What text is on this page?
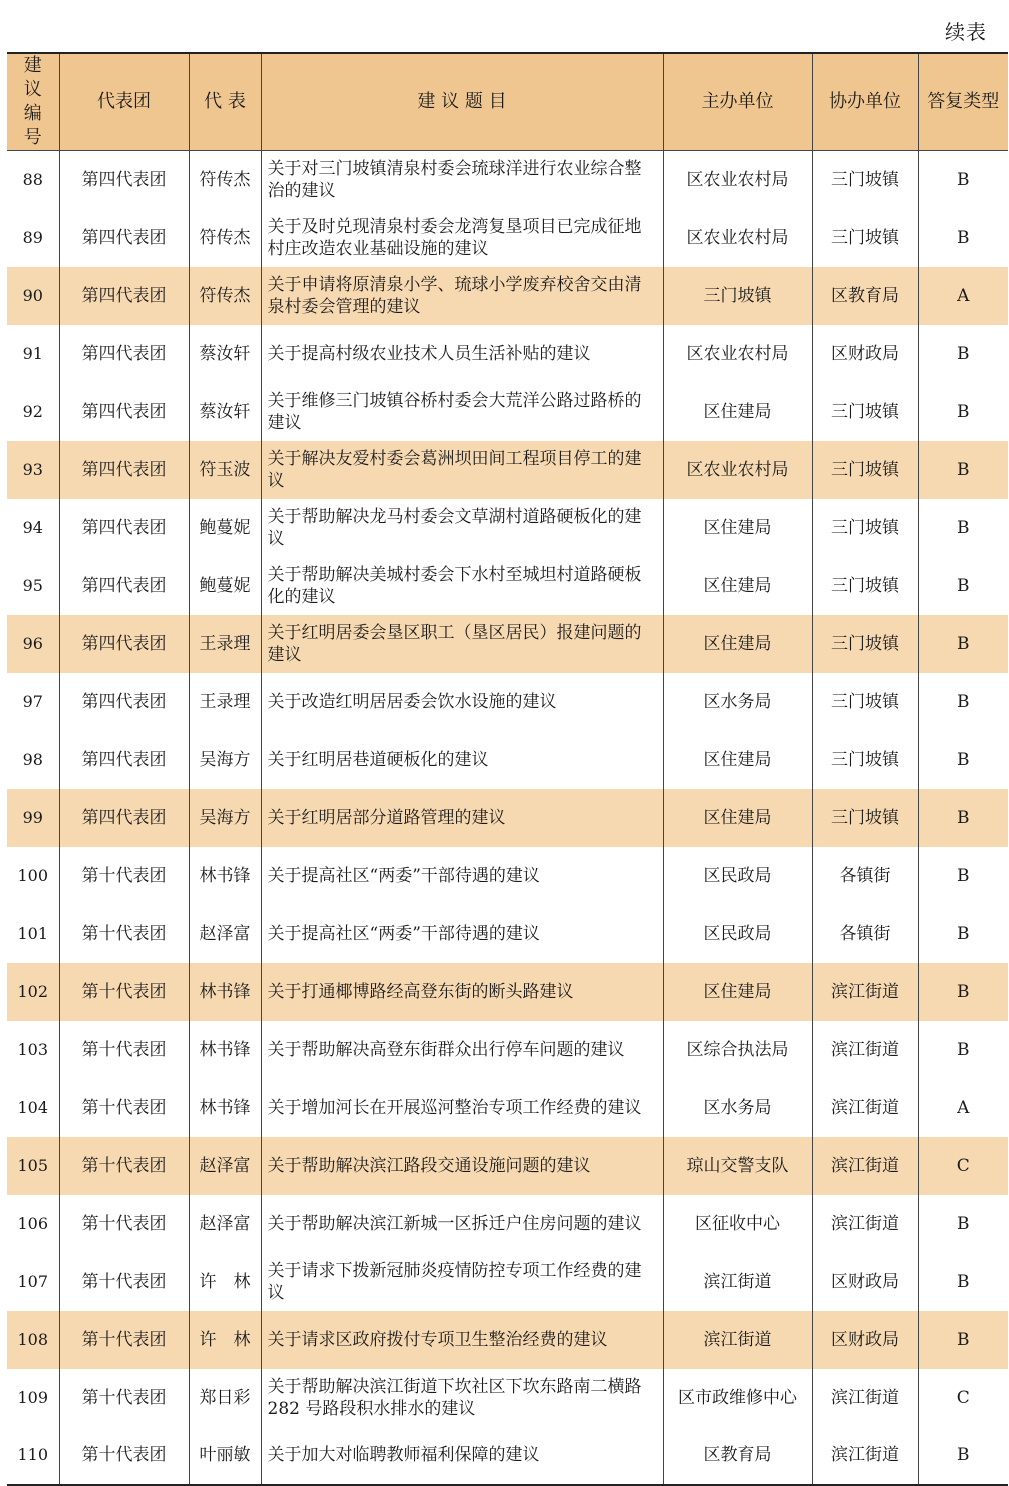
续表
建议编号	代表团	代 表	建 议 题 目	主办单位	协办单位	答复类型
88	第四代表团	符传杰	关于对三门坡镇清泉村委会琉球洋进行农业综合整治的建议	区农业农村局	三门坡镇	B
89	第四代表团	符传杰	关于及时兑现清泉村委会龙湾复垦项目已完成征地村庄改造农业基础设施的建议	区农业农村局	三门坡镇	B
90	第四代表团	符传杰	关于申请将原清泉小学、琉球小学废弃校舍交由清泉村委会管理的建议	三门坡镇	区教育局	A
91	第四代表团	蔡汝轩	关于提高村级农业技术人员生活补贴的建议	区农业农村局	区财政局	B
92	第四代表团	蔡汝轩	关于维修三门坡镇谷桥村委会大荒洋公路过路桥的建议	区住建局	三门坡镇	B
93	第四代表团	符玉波	关于解决友爱村委会葛洲坝田间工程项目停工的建议	区农业农村局	三门坡镇	B
94	第四代表团	鲍蔓妮	关于帮助解决龙马村委会文草湖村道路硬板化的建议	区住建局	三门坡镇	B
95	第四代表团	鲍蔓妮	关于帮助解决美城村委会下水村至城坦村道路硬板化的建议	区住建局	三门坡镇	B
96	第四代表团	王录理	关于红明居委会垦区职工（垦区居民）报建问题的建议	区住建局	三门坡镇	B
97	第四代表团	王录理	关于改造红明居居委会饮水设施的建议	区水务局	三门坡镇	B
98	第四代表团	吴海方	关于红明居巷道硬板化的建议	区住建局	三门坡镇	B
99	第四代表团	吴海方	关于红明居部分道路管理的建议	区住建局	三门坡镇	B
100	第十代表团	林书锋	关于提高社区“两委”干部待遇的建议	区民政局	各镇街	B
101	第十代表团	赵泽富	关于提高社区“两委”干部待遇的建议	区民政局	各镇街	B
102	第十代表团	林书锋	关于打通椰博路经高登东街的断头路建议	区住建局	滨江街道	B
103	第十代表团	林书锋	关于帮助解决高登东街群众出行停车问题的建议	区综合执法局	滨江街道	B
104	第十代表团	林书锋	关于增加河长在开展巡河整治专项工作经费的建议	区水务局	滨江街道	A
105	第十代表团	赵泽富	关于帮助解决滨江路段交通设施问题的建议	琼山交警支队	滨江街道	C
106	第十代表团	赵泽富	关于帮助解决滨江新城一区拆迁户住房问题的建议	区征收中心	滨江街道	B
107	第十代表团	许　林	关于请求下拨新冠肺炎疫情防控专项工作经费的建议	滨江街道	区财政局	B
108	第十代表团	许　林	关于请求区政府拨付专项卫生整治经费的建议	滨江街道	区财政局	B
109	第十代表团	郑日彩	关于帮助解决滨江街道下坎社区下坎东路南二横路 282 号路段积水排水的建议	区市政维修中心	滨江街道	C
110	第十代表团	叶丽敏	关于加大对临聘教师福利保障的建议	区教育局	滨江街道	B
